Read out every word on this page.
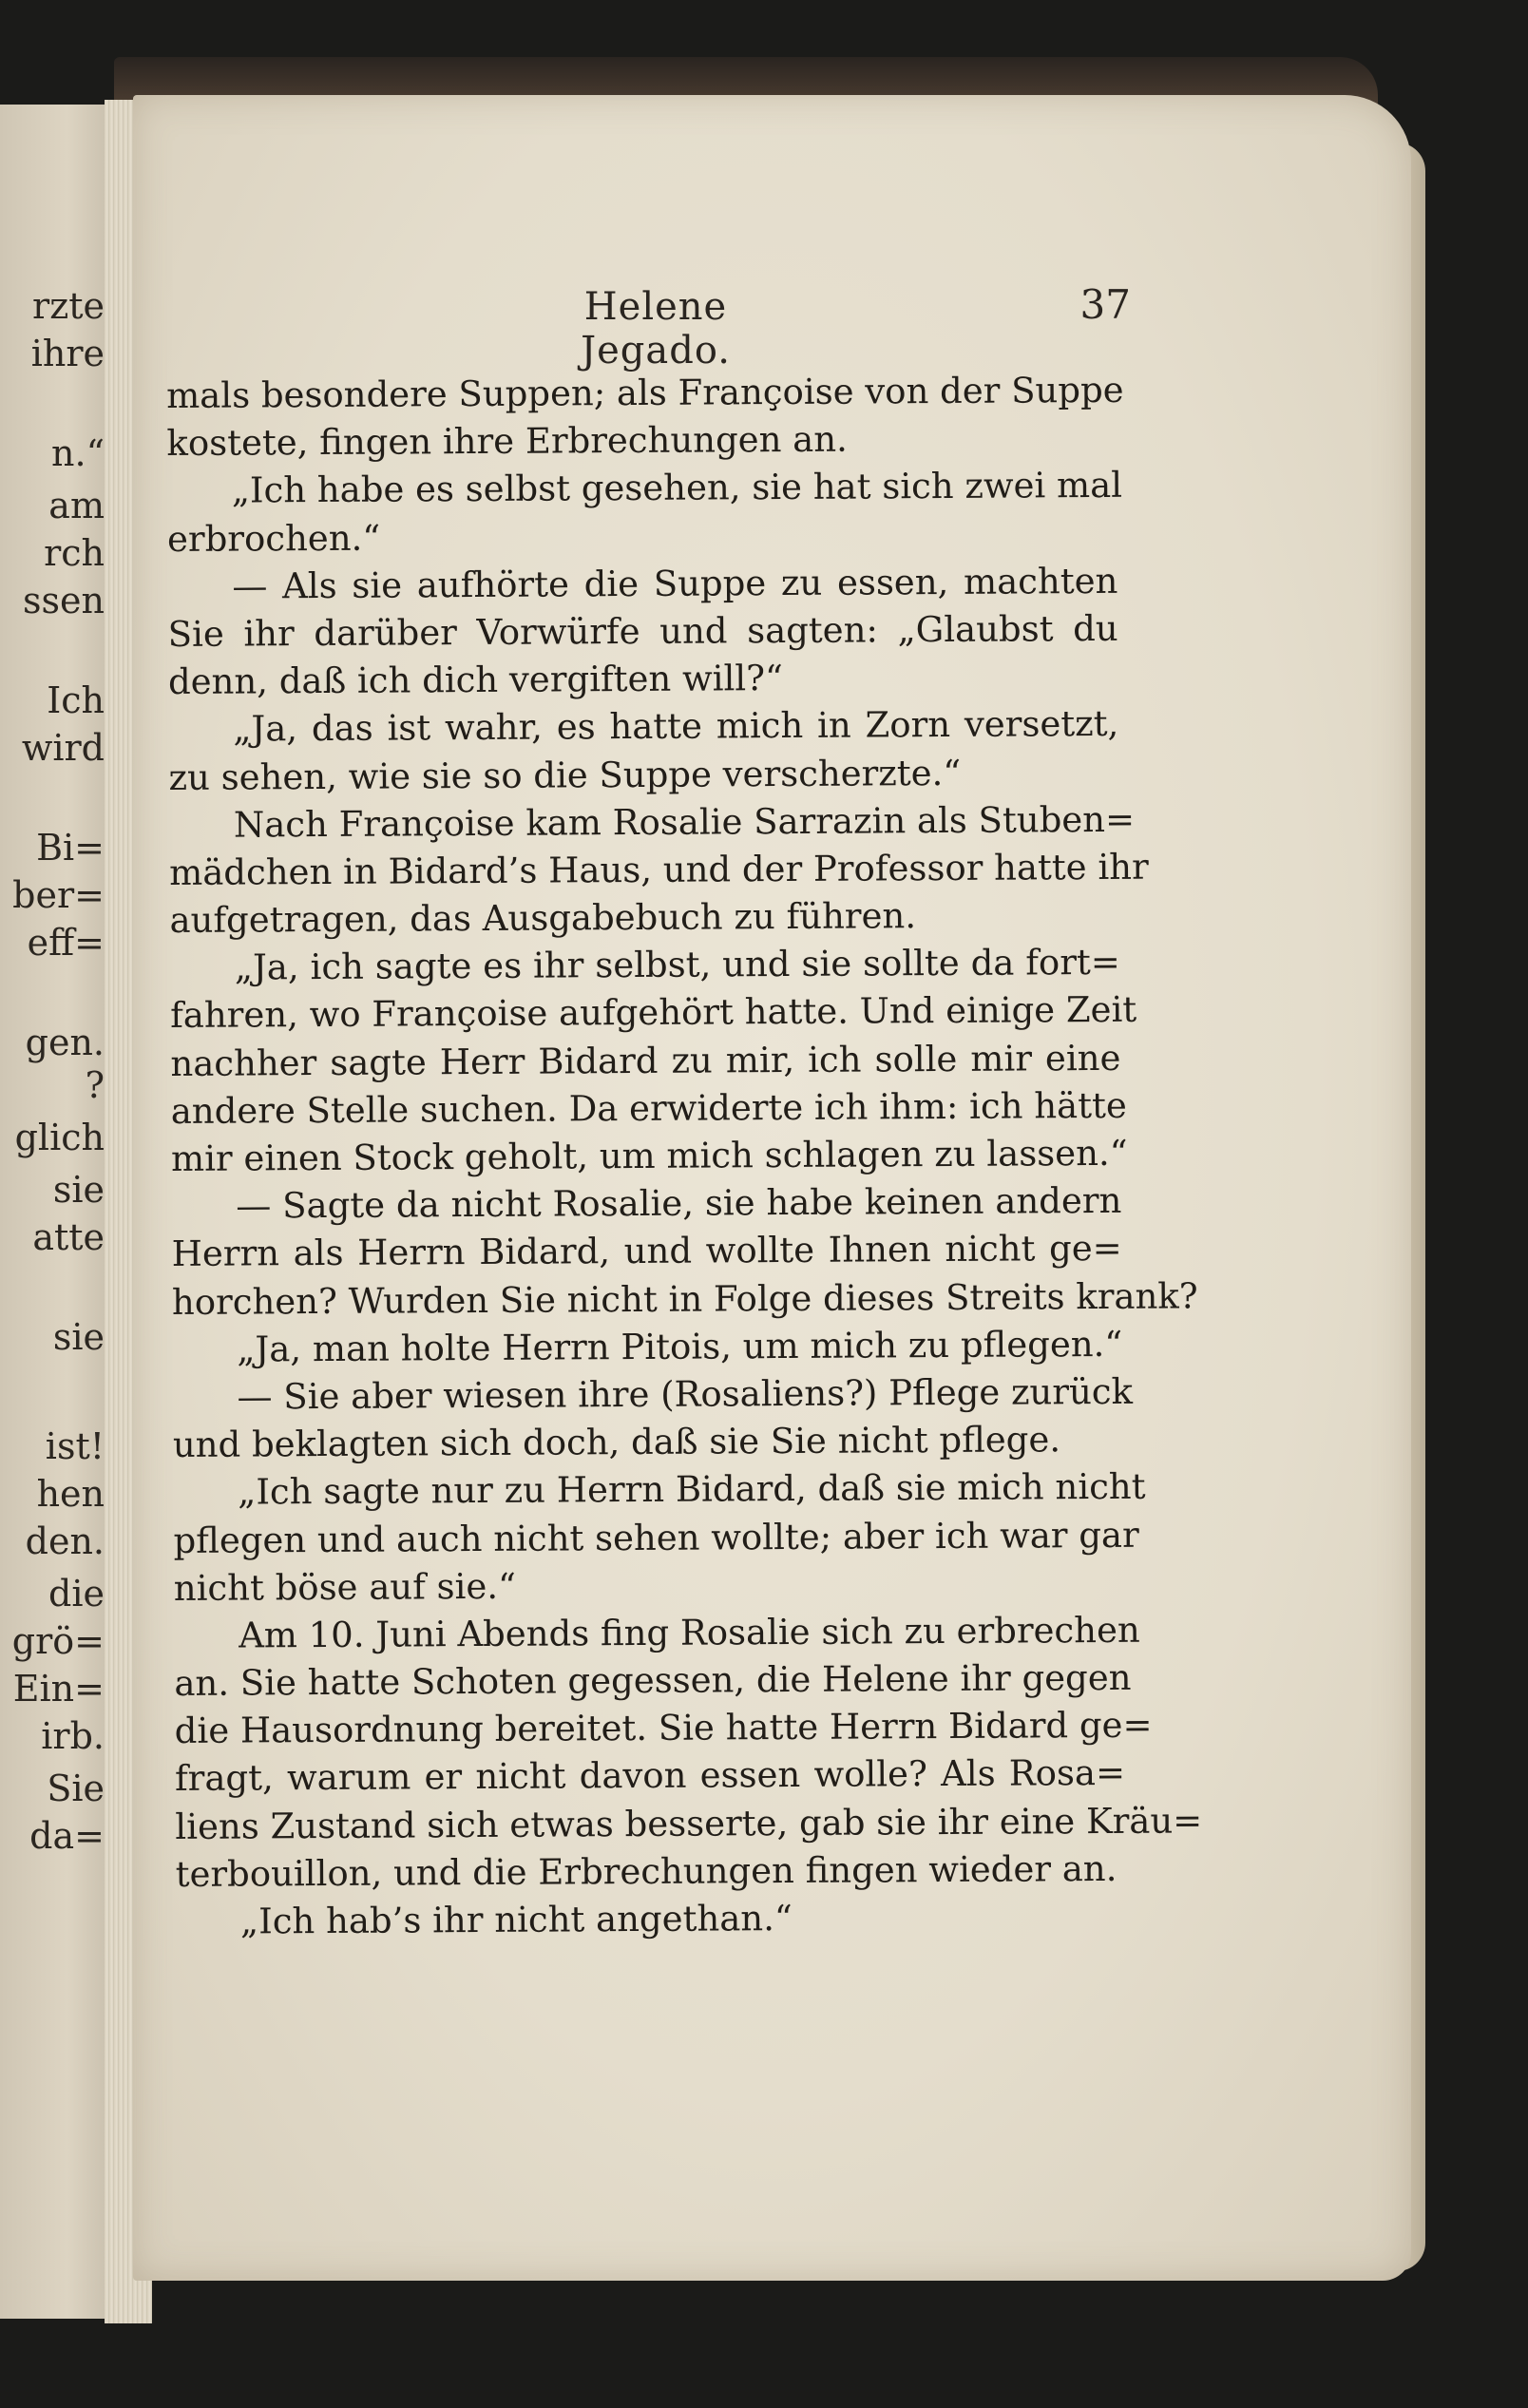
rzte
ihre
n.“
am
rch
ssen
Ich
wird
Bi=
ber=
eff=
gen.
?
glich
sie
atte
sie
ist!
hen
den.
die
grö=
Ein=
irb.
Sie
da=
Helene Jegado.
37
mals besondere Suppen; als Françoise von der Suppe
kostete, fingen ihre Erbrechungen an.
„Ich habe es selbst gesehen, sie hat sich zwei mal
erbrochen.“
— Als sie aufhörte die Suppe zu essen, machten
Sie ihr darüber Vorwürfe und sagten: „Glaubst du
denn, daß ich dich vergiften will?“
„Ja, das ist wahr, es hatte mich in Zorn versetzt,
zu sehen, wie sie so die Suppe verscherzte.“
Nach Françoise kam Rosalie Sarrazin als Stuben=
mädchen in Bidard’s Haus, und der Professor hatte ihr
aufgetragen, das Ausgabebuch zu führen.
„Ja, ich sagte es ihr selbst, und sie sollte da fort=
fahren, wo Françoise aufgehört hatte. Und einige Zeit
nachher sagte Herr Bidard zu mir, ich solle mir eine
andere Stelle suchen. Da erwiderte ich ihm: ich hätte
mir einen Stock geholt, um mich schlagen zu lassen.“
— Sagte da nicht Rosalie, sie habe keinen andern
Herrn als Herrn Bidard, und wollte Ihnen nicht ge=
horchen? Wurden Sie nicht in Folge dieses Streits krank?
„Ja, man holte Herrn Pitois, um mich zu pflegen.“
— Sie aber wiesen ihre (Rosaliens?) Pflege zurück
und beklagten sich doch, daß sie Sie nicht pflege.
„Ich sagte nur zu Herrn Bidard, daß sie mich nicht
pflegen und auch nicht sehen wollte; aber ich war gar
nicht böse auf sie.“
Am 10. Juni Abends fing Rosalie sich zu erbrechen
an. Sie hatte Schoten gegessen, die Helene ihr gegen
die Hausordnung bereitet. Sie hatte Herrn Bidard ge=
fragt, warum er nicht davon essen wolle? Als Rosa=
liens Zustand sich etwas besserte, gab sie ihr eine Kräu=
terbouillon, und die Erbrechungen fingen wieder an.
„Ich hab’s ihr nicht angethan.“
